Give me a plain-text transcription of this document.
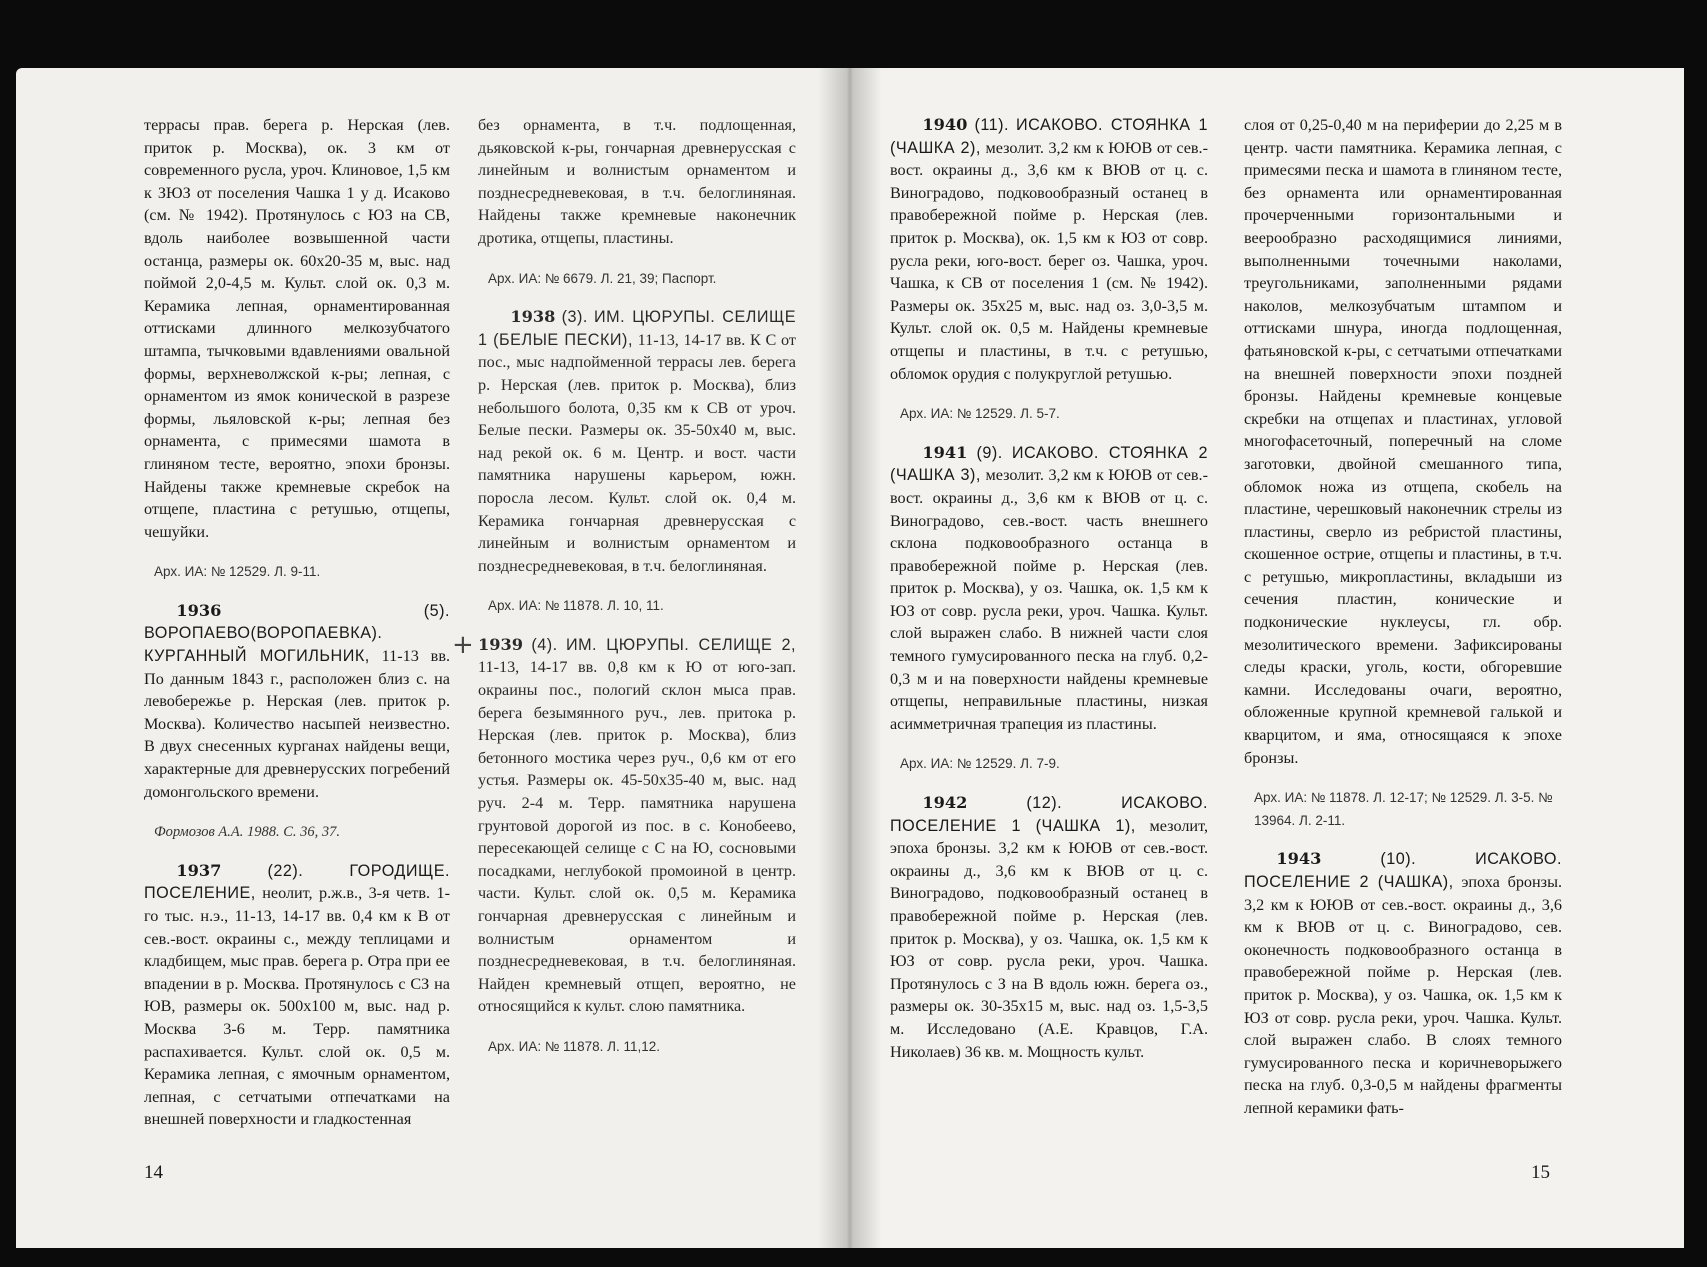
террасы прав. берега р. Нерская (лев. приток р. Москва), ок. 3 км от современного русла, уроч. Клиновое, 1,5 км к ЗЮЗ от поселения Чашка 1 у д. Исаково (см. № 1942). Протянулось с ЮЗ на СВ, вдоль наиболее возвышенной части останца, размеры ок. 60х20-35 м, выс. над поймой 2,0-4,5 м. Культ. слой ок. 0,3 м. Керамика лепная, орнаментированная оттисками длинного мелкозубчатого штампа, тычковыми вдавлениями овальной формы, верхневолжской к-ры; лепная, с орнаментом из ямок конической в разрезе формы, льяловской к-ры; лепная без орнамента, с примесями шамота в глиняном тесте, вероятно, эпохи бронзы. Найдены также кремневые скребок на отщепе, пластина с ретушью, отщепы, чешуйки.

Арх. ИА: № 12529. Л. 9-11.

1936	(5). ВОРОПАЕВО(ВОРОПАЕВКА). КУРГАННЫЙ МОГИЛЬНИК, 11-13 вв. По данным 1843 г., расположен близ с. на левобережье р. Нерская (лев. приток р. Москва). Количество насыпей неизвестно. В двух снесенных курганах найдены вещи, характерные для древнерусских погребений домонгольского времени.

Формозов А.А. 1988. С. 36, 37.

1937	(22).	ГОРОДИЩЕ. ПОСЕЛЕНИЕ, неолит, р.ж.в., 3-я четв. 1-го тыс. н.э., 11-13, 14-17 вв. 0,4 км к В от сев.-вост. окраины с., между теплицами и кладбищем, мыс прав. берега р. Отра при ее впадении в р. Москва. Протянулось с СЗ на ЮВ, размеры ок. 500х100 м, выс. над р. Москва 3-6 м. Терр. памятника распахивается. Культ. слой ок. 0,5 м. Керамика лепная, с ямочным орнаментом, лепная, с сетчатыми отпечатками на внешней поверхности и гладкостенная

без орнамента, в т.ч. подлощенная, дьяковской к-ры, гончарная древнерусская с линейным и волнистым орнаментом и позднесредневековая, в т.ч. белоглиняная. Найдены также кремневые наконечник дротика, отщепы, пластины.

Арх. ИА: № 6679. Л. 21, 39; Паспорт.

1938 (3). ИМ. ЦЮРУПЫ. СЕЛИЩЕ 1 (БЕЛЫЕ ПЕСКИ), 11-13, 14-17 вв. К С от пос., мыс надпойменной террасы лев. берега р. Нерская (лев. приток р. Москва), близ небольшого болота, 0,35 км к СВ от уроч. Белые пески. Размеры ок. 35-50х40 м, выс. над рекой ок. 6 м. Центр. и вост. части памятника нарушены карьером, южн. поросла лесом. Культ. слой ок. 0,4 м. Керамика гончарная древнерусская с линейным и волнистым орнаментом и позднесредневековая, в т.ч. белоглиняная.

Арх. ИА: № 11878. Л. 10, 11.
+ 1939 (4). ИМ. ЦЮРУПЫ. СЕЛИЩЕ 2, 11-13, 14-17 вв. 0,8 км к Ю от юго-зап. окраины пос., пологий склон мыса прав. берега безымянного руч., лев. притока р. Нерская (лев. приток р. Москва), близ бетонного мостика через руч., 0,6 км от его устья. Размеры ок. 45-50х35-40 м, выс. над руч. 2-4 м. Терр. памятника нарушена грунтовой дорогой из пос. в с. Конобеево, пересекающей селище с С на Ю, сосновыми посадками, неглубокой промоиной в центр. части. Культ. слой ок. 0,5 м. Керамика гончарная древнерусская с линейным и волнистым орнаментом и позднесредневековая, в т.ч. белоглиняная. Найден кремневый отщеп, вероятно, не относящийся к культ. слою памятника.

Арх. ИА: № 11878. Л. 11,12.
14

1940 (11). ИСАКОВО. СТОЯНКА 1 (ЧАШКА 2), мезолит. 3,2 км к ЮЮВ от сев.-вост. окраины д., 3,6 км к ВЮВ от ц. с. Виноградово, подковообразный останец в правобережной пойме р. Нерская (лев. приток р. Москва), ок. 1,5 км к ЮЗ от совр. русла реки, юго-вост. берег оз. Чашка, уроч. Чашка, к СВ от поселения 1 (см. № 1942). Размеры ок. 35х25 м, выс. над оз. 3,0-3,5 м. Культ. слой ок. 0,5 м. Найдены кремневые отщепы и пластины, в т.ч. с ретушью, обломок орудия с полукруглой ретушью.

Арх. ИА: № 12529. Л. 5-7.

1941 (9). ИСАКОВО. СТОЯНКА 2 (ЧАШКА 3), мезолит. 3,2 км к ЮЮВ от сев.-вост. окраины д., 3,6 км к ВЮВ от ц. с. Виноградово, сев.-вост. часть внешнего склона подковообразного останца в правобережной пойме р. Нерская (лев. приток р. Москва), у оз. Чашка, ок. 1,5 км к ЮЗ от совр. русла реки, уроч. Чашка. Культ. слой выражен слабо. В нижней части слоя темного гумусированного песка на глуб. 0,2-0,3 м и на поверхности найдены кремневые отщепы, неправильные пластины, низкая асимметричная трапеция из пластины.

Арх. ИА: № 12529. Л. 7-9.

1942	(12).	ИСАКОВО. ПОСЕЛЕНИЕ 1 (ЧАШКА 1), мезолит, эпоха бронзы. 3,2 км к ЮЮВ от сев.-вост. окраины д., 3,6 км к ВЮВ от ц. с. Виноградово, подковообразный останец в правобережной пойме р. Нерская (лев. приток р. Москва), у оз. Чашка, ок. 1,5 км к ЮЗ от совр. русла реки, уроч. Чашка. Протянулось с З на В вдоль южн. берега оз., размеры ок. 30-35х15 м, выс. над оз. 1,5-3,5 м. Исследовано (А.Е. Кравцов, Г.А. Николаев) 36 кв. м. Мощность культ.

слоя от 0,25-0,40 м на периферии до 2,25 м в центр. части памятника. Керамика лепная, с примесями песка и шамота в глиняном тесте, без орнамента или орнаментированная прочерченными горизонтальными и веерообразно расходящимися линиями, выполненными точечными наколами, треугольниками, заполненными рядами наколов, мелкозубчатым штампом и оттисками шнура, иногда подлощенная, фатьяновской к-ры, с сетчатыми отпечатками на внешней поверхности эпохи поздней бронзы. Найдены кремневые концевые скребки на отщепах и пластинах, угловой многофасеточный, поперечный на сломе заготовки, двойной смешанного типа, обломок ножа из отщепа, скобель на пластине, черешковый наконечник стрелы из пластины, сверло из ребристой пластины, скошенное острие, отщепы и пластины, в т.ч. с ретушью, микропластины, вкладыши из сечения пластин, конические и подконические нуклеусы, гл. обр. мезолитического времени. Зафиксированы следы краски, уголь, кости, обгоревшие камни. Исследованы очаги, вероятно, обложенные крупной кремневой галькой и кварцитом, и яма, относящаяся к эпохе бронзы.

Арх. ИА: № 11878. Л. 12-17; № 12529. Л. 3-5. № 13964. Л. 2-11.

1943	(10).	ИСАКОВО. ПОСЕЛЕНИЕ 2 (ЧАШКА), эпоха бронзы. 3,2 км к ЮЮВ от сев.-вост. окраины д., 3,6 км к ВЮВ от ц. с. Виноградово, сев. оконечность подковообразного останца в правобережной пойме р. Нерская (лев. приток р. Москва), у оз. Чашка, ок. 1,5 км к ЮЗ от совр. русла реки, уроч. Чашка. Культ. слой выражен слабо. В слоях темного гумусированного песка и коричневорыжего песка на глуб. 0,3-0,5 м найдены фрагменты лепной керамики фать-

15
